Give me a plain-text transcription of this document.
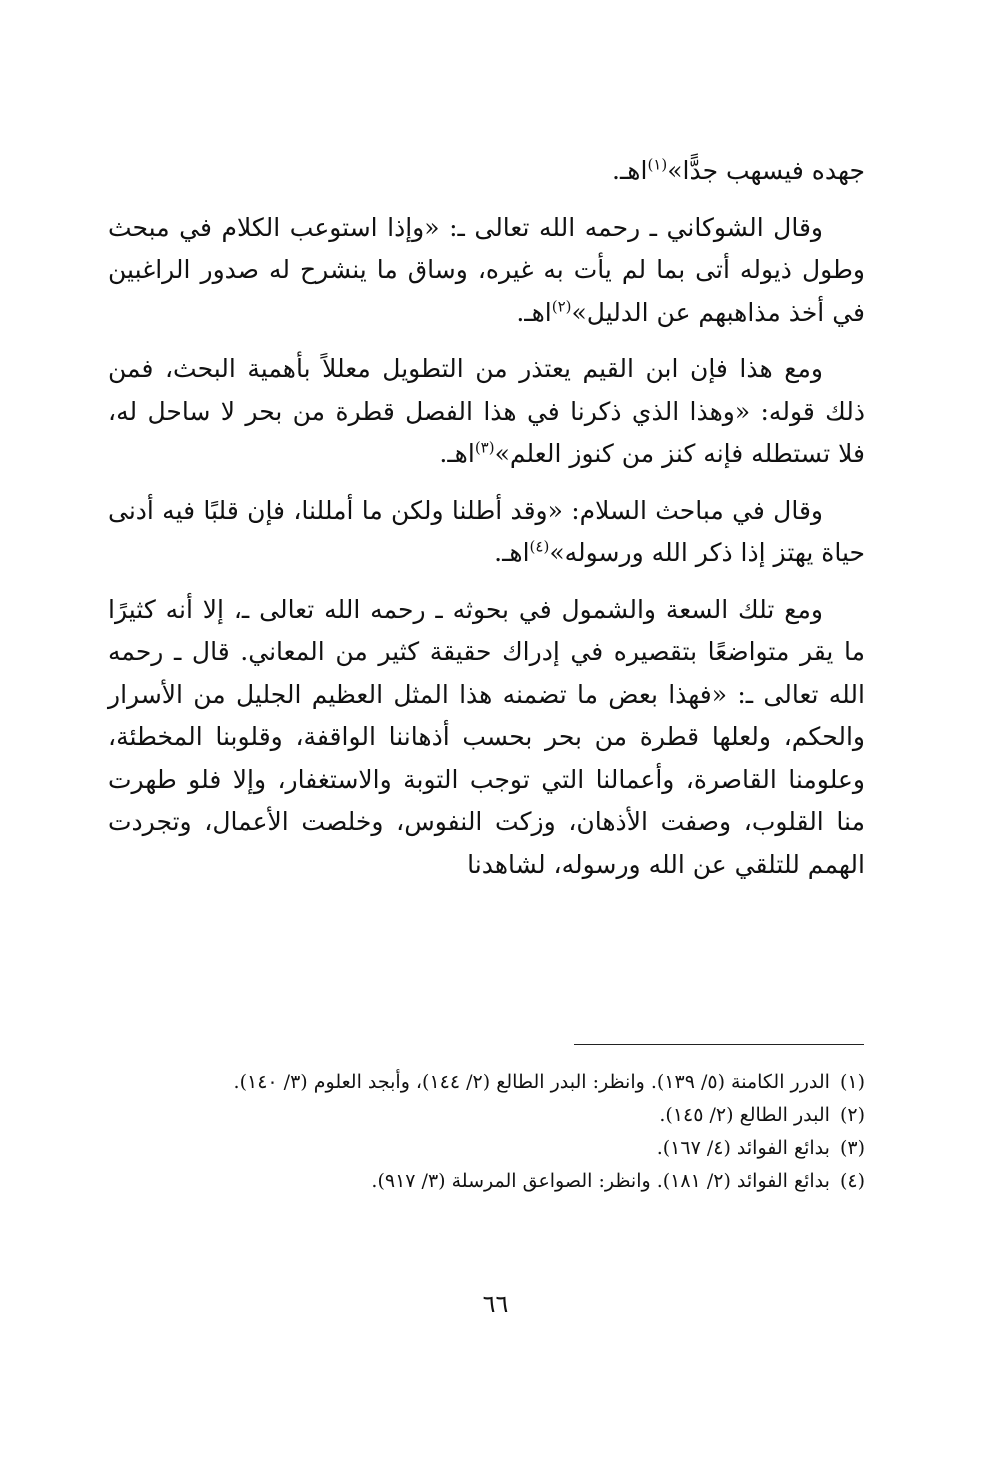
جهده فيسهب جدًّا»$^{(١)}$اهـ.

وقال الشوكاني ـ رحمه الله تعالى ـ: «وإذا استوعب الكلام في مبحث وطول ذيوله أتى بما لم يأت به غيره، وساق ما ينشرح له صدور الراغبين في أخذ مذاهبهم عن الدليل»$^{(٢)}$اهـ.

ومع هذا فإن ابن القيم يعتذر من التطويل معللاً بأهمية البحث، فمن ذلك قوله: «وهذا الذي ذكرنا في هذا الفصل قطرة من بحر لا ساحل له، فلا تستطله فإنه كنز من كنوز العلم»$^{(٣)}$اهـ.

وقال في مباحث السلام: «وقد أطلنا ولكن ما أمللنا، فإن قلبًا فيه أدنى حياة يهتز إذا ذكر الله ورسوله»$^{(٤)}$اهـ.

ومع تلك السعة والشمول في بحوثه ـ رحمه الله تعالى ـ، إلا أنه كثيرًا ما يقر متواضعًا بتقصيره في إدراك حقيقة كثير من المعاني. قال ـ رحمه الله تعالى ـ: «فهذا بعض ما تضمنه هذا المثل العظيم الجليل من الأسرار والحكم، ولعلها قطرة من بحر بحسب أذهاننا الواقفة، وقلوبنا المخطئة، وعلومنا القاصرة، وأعمالنا التي توجب التوبة والاستغفار، وإلا فلو طهرت منا القلوب، وصفت الأذهان، وزكت النفوس، وخلصت الأعمال، وتجردت الهمم للتلقي عن الله ورسوله، لشاهدنا

(١)
الدرر الكامنة (٥/ ١٣٩). وانظر: البدر الطالع (٢/ ١٤٤)، وأبجد العلوم (٣/ ١٤٠).

(٢)
البدر الطالع (٢/ ١٤٥).

(٣)
بدائع الفوائد (٤/ ١٦٧).

(٤)
بدائع الفوائد (٢/ ١٨١). وانظر: الصواعق المرسلة (٣/ ٩١٧).

٦٦
